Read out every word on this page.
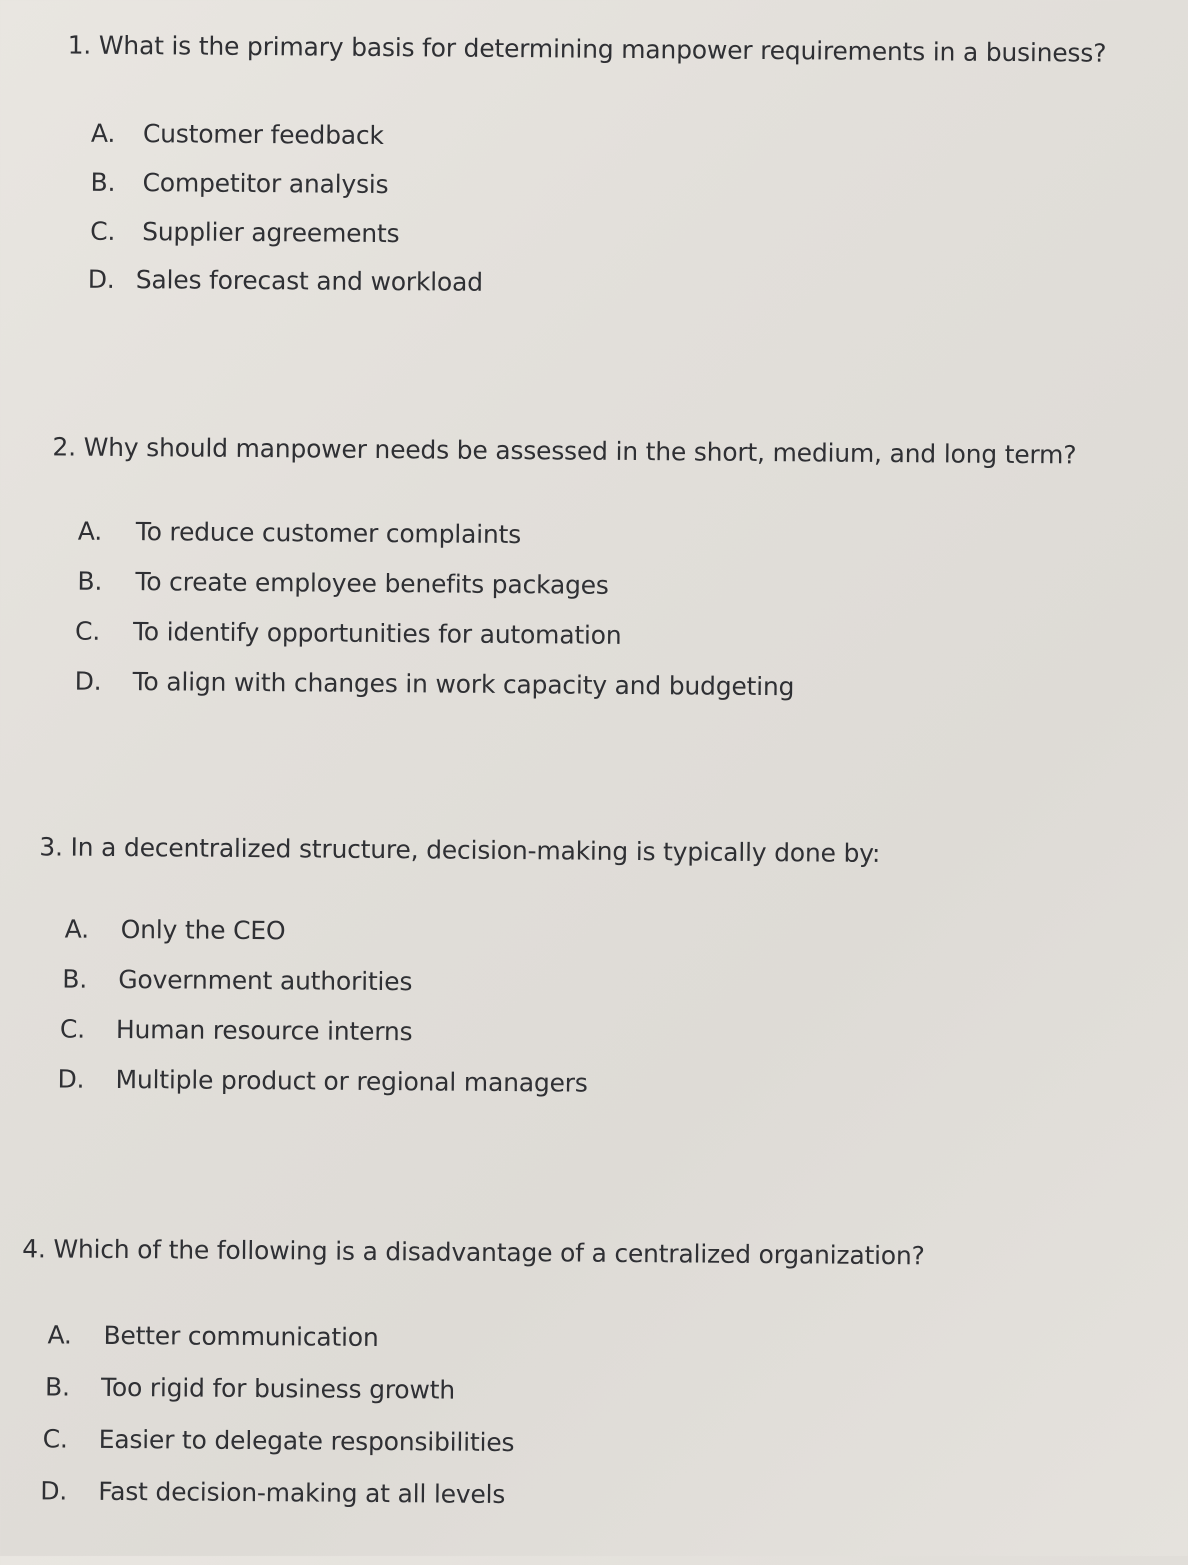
1. What is the primary basis for determining manpower requirements in a business?
A. Customer feedback
B. Competitor analysis
C. Supplier agreements
D. Sales forecast and workload
2. Why should manpower needs be assessed in the short, medium, and long term?
A. To reduce customer complaints
B. To create employee benefits packages
C. To identify opportunities for automation
D. To align with changes in work capacity and budgeting
3. In a decentralized structure, decision-making is typically done by:
A. Only the CEO
B. Government authorities
C. Human resource interns
D. Multiple product or regional managers
4. Which of the following is a disadvantage of a centralized organization?
A. Better communication
B. Too rigid for business growth
C. Easier to delegate responsibilities
D. Fast decision-making at all levels
